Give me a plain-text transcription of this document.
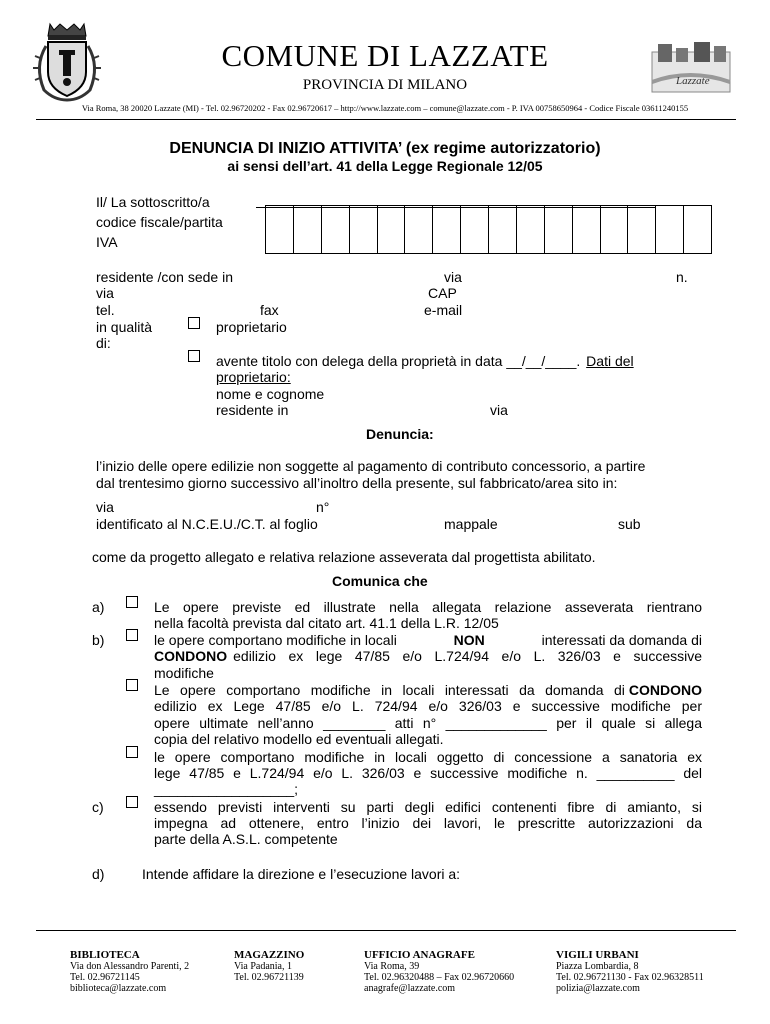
COMUNE DI LAZZATE
PROVINCIA DI MILANO	Lazzate
Via Roma, 38 20020 Lazzate (MI) - Tel. 02.96720202 - Fax 02.96720617 – http://www.lazzate.com – comune@lazzate.com - P. IVA 00758650964 - Codice Fiscale 03611240155
DENUNCIA DI INIZIO ATTIVITA’ (ex regime autorizzatorio)
ai sensi dell’art. 41 della Legge Regionale 12/05
Il/ La sottoscritto/a
codice fiscale/partita
IVA
residente /con sede in	via	n.
via	CAP
tel.	fax	e-mail
in qualità
di:
proprietario
avente titolo con delega della proprietà in data __/__/____. Dati del
proprietario:
nome e cognome
residente in	via
Denuncia:
l’inizio delle opere edilizie non soggette al pagamento di contributo concessorio, a partire
dal trentesimo giorno successivo all’inoltro della presente, sul fabbricato/area sito in:
via	n°
identificato al N.C.E.U./C.T. al foglio	mappale	sub
come da progetto allegato e relativa relazione asseverata dal progettista abilitato.
Comunica che
a)	Le opere previste ed illustrate nella allegata relazione asseverata rientrano
nella facoltà prevista dal citato art. 41.1 della L.R. 12/05
b)	le opere comportano modifiche in locali	NON	interessati da domanda di
CONDONO edilizio ex lege 47/85 e/o L.724/94 e/o L. 326/03 e successive
modifiche
Le opere comportano modifiche in locali interessati da domanda di CONDONO
edilizio ex Lege 47/85 e/o L. 724/94 e/o 326/03 e successive modifiche per
opere ultimate nell’anno ________ atti n° _____________ per il quale si allega
copia del relativo modello ed eventuali allegati.
le opere comportano modifiche in locali oggetto di concessione a sanatoria ex
lege 47/85 e L.724/94 e/o L. 326/03 e successive modifiche n. __________ del
__________________;
c)	essendo previsti interventi su parti degli edifici contenenti fibre di amianto, si
impegna ad ottenere, entro l’inizio dei lavori, le prescritte autorizzazioni da
parte della A.S.L. competente
d)	Intende affidare la direzione e l’esecuzione lavori a:
BIBLIOTECA
Via don Alessandro Parenti, 2
Tel. 02.96721145
biblioteca@lazzate.com
MAGAZZINO
Via Padania, 1
Tel. 02.96721139
UFFICIO ANAGRAFE
Via Roma, 39
Tel. 02.96320488 – Fax 02.96720660
anagrafe@lazzate.com
VIGILI URBANI
Piazza Lombardia, 8
Tel. 02.96721130 - Fax 02.96328511
polizia@lazzate.com
